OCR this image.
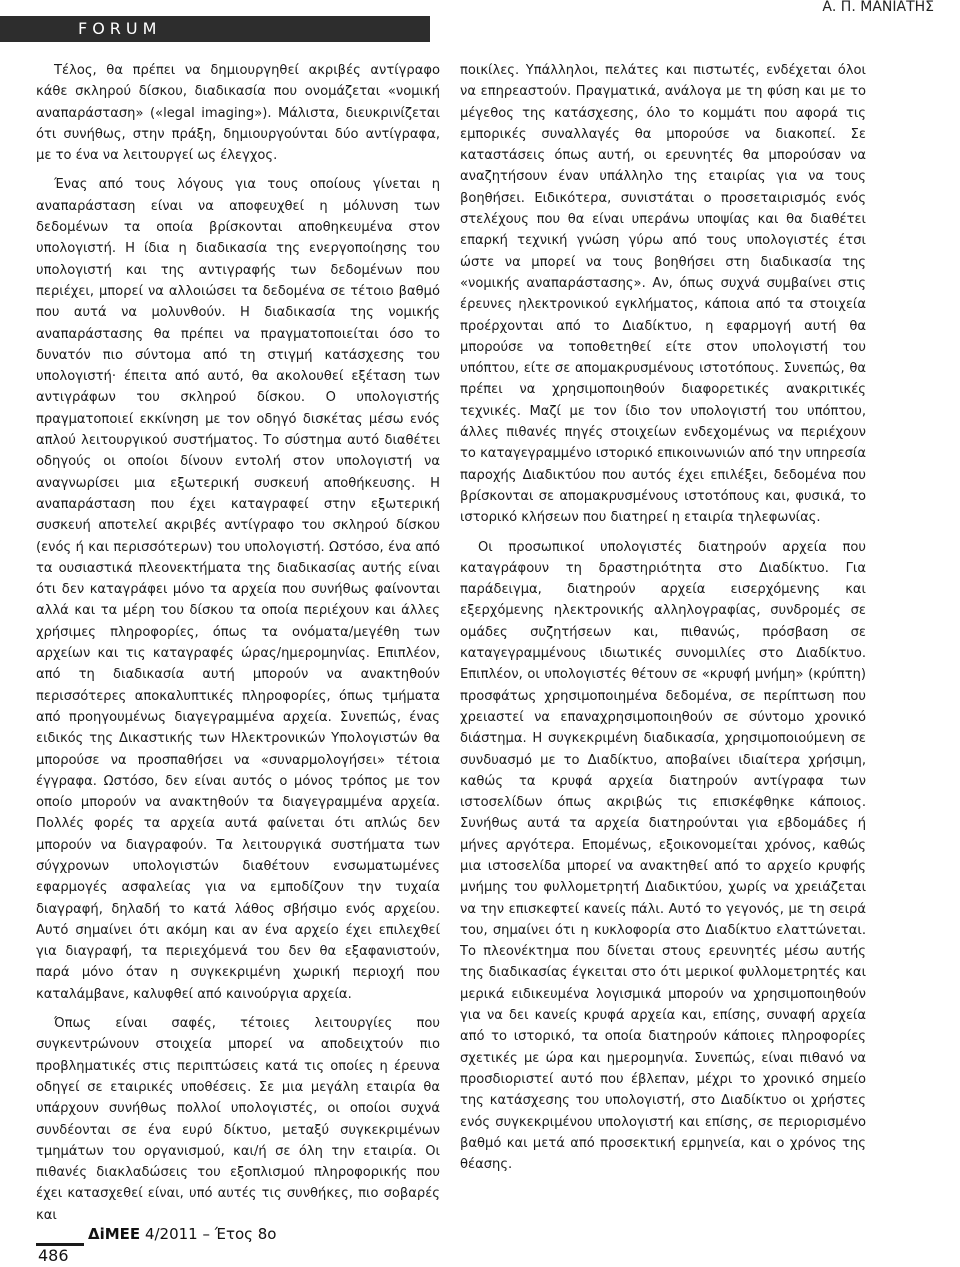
FORUM
Α. Π. ΜΑΝΙΑΤΗΣ

Τέλος, θα πρέπει να δημιουργηθεί ακριβές αντίγραφο κάθε σκληρού δίσκου, διαδικασία που ονομάζεται «νομική αναπαράσταση» («legal imaging»). Μάλιστα, διευκρινίζεται ότι συνήθως, στην πράξη, δημιουργούνται δύο αντίγραφα, με το ένα να λειτουργεί ως έλεγχος.

Ένας από τους λόγους για τους οποίους γίνεται η αναπαράσταση είναι να αποφευχθεί η μόλυνση των δεδομένων τα οποία βρίσκονται αποθηκευμένα στον υπολογιστή. Η ίδια η διαδικασία της ενεργοποίησης του υπολογιστή και της αντιγραφής των δεδομένων που περιέχει, μπορεί να αλλοιώσει τα δεδομένα σε τέτοιο βαθμό που αυτά να μολυνθούν. Η διαδικασία της νομικής αναπαράστασης θα πρέπει να πραγματοποιείται όσο το δυνατόν πιο σύντομα από τη στιγμή κατάσχεσης του υπολογιστή· έπειτα από αυτό, θα ακολουθεί εξέταση των αντιγράφων του σκληρού δίσκου. Ο υπολογιστής πραγματοποιεί εκκίνηση με τον οδηγό δισκέτας μέσω ενός απλού λειτουργικού συστήματος. Το σύστημα αυτό διαθέτει οδηγούς οι οποίοι δίνουν εντολή στον υπολογιστή να αναγνωρίσει μια εξωτερική συσκευή αποθήκευσης. Η αναπαράσταση που έχει καταγραφεί στην εξωτερική συσκευή αποτελεί ακριβές αντίγραφο του σκληρού δίσκου (ενός ή και περισσότερων) του υπολογιστή. Ωστόσο, ένα από τα ουσιαστικά πλεονεκτήματα της διαδικασίας αυτής είναι ότι δεν καταγράφει μόνο τα αρχεία που συνήθως φαίνονται αλλά και τα μέρη του δίσκου τα οποία περιέχουν και άλλες χρήσιμες πληροφορίες, όπως τα ονόματα/μεγέθη των αρχείων και τις καταγραφές ώρας/ημερομηνίας. Επιπλέον, από τη διαδικασία αυτή μπορούν να ανακτηθούν περισσότερες αποκαλυπτικές πληροφορίες, όπως τμήματα από προηγουμένως διαγεγραμμένα αρχεία. Συνεπώς, ένας ειδικός της Δικαστικής των Ηλεκτρονικών Υπολογιστών θα μπορούσε να προσπαθήσει να «συναρμολογήσει» τέτοια έγγραφα. Ωστόσο, δεν είναι αυτός ο μόνος τρόπος με τον οποίο μπορούν να ανακτηθούν τα διαγεγραμμένα αρχεία. Πολλές φορές τα αρχεία αυτά φαίνεται ότι απλώς δεν μπορούν να διαγραφούν. Τα λειτουργικά συστήματα των σύγχρονων υπολογιστών διαθέτουν ενσωματωμένες εφαρμογές ασφαλείας για να εμποδίζουν την τυχαία διαγραφή, δηλαδή το κατά λάθος σβήσιμο ενός αρχείου. Αυτό σημαίνει ότι ακόμη και αν ένα αρχείο έχει επιλεχθεί για διαγραφή, τα περιεχόμενά του δεν θα εξαφανιστούν, παρά μόνο όταν η συγκεκριμένη χωρική περιοχή που καταλάμβανε, καλυφθεί από καινούργια αρχεία.

Όπως είναι σαφές, τέτοιες λειτουργίες που συγκεντρώνουν στοιχεία μπορεί να αποδειχτούν πιο προβληματικές στις περιπτώσεις κατά τις οποίες η έρευνα οδηγεί σε εταιρικές υποθέσεις. Σε μια μεγάλη εταιρία θα υπάρχουν συνήθως πολλοί υπολογιστές, οι οποίοι συχνά συνδέονται σε ένα ευρύ δίκτυο, μεταξύ συγκεκριμένων τμημάτων του οργανισμού, και/ή σε όλη την εταιρία. Οι πιθανές διακλαδώσεις του εξοπλισμού πληροφορικής που έχει κατασχεθεί είναι, υπό αυτές τις συνθήκες, πιο σοβαρές και

ποικίλες. Υπάλληλοι, πελάτες και πιστωτές, ενδέχεται όλοι να επηρεαστούν. Πραγματικά, ανάλογα με τη φύση και με το μέγεθος της κατάσχεσης, όλο το κομμάτι που αφορά τις εμπορικές συναλλαγές θα μπορούσε να διακοπεί. Σε καταστάσεις όπως αυτή, οι ερευνητές θα μπορούσαν να αναζητήσουν έναν υπάλληλο της εταιρίας για να τους βοηθήσει. Ειδικότερα, συνιστάται ο προσεταιρισμός ενός στελέχους που θα είναι υπεράνω υποψίας και θα διαθέτει επαρκή τεχνική γνώση γύρω από τους υπολογιστές έτσι ώστε να μπορεί να τους βοηθήσει στη διαδικασία της «νομικής αναπαράστασης». Αν, όπως συχνά συμβαίνει στις έρευνες ηλεκτρονικού εγκλήματος, κάποια από τα στοιχεία προέρχονται από το Διαδίκτυο, η εφαρμογή αυτή θα μπορούσε να τοποθετηθεί είτε στον υπολογιστή του υπόπτου, είτε σε απομακρυσμένους ιστοτόπους. Συνεπώς, θα πρέπει να χρησιμοποιηθούν διαφορετικές ανακριτικές τεχνικές. Μαζί με τον ίδιο τον υπολογιστή του υπόπτου, άλλες πιθανές πηγές στοιχείων ενδεχομένως να περιέχουν το καταγεγραμμένο ιστορικό επικοινωνιών από την υπηρεσία παροχής Διαδικτύου που αυτός έχει επιλέξει, δεδομένα που βρίσκονται σε απομακρυσμένους ιστοτόπους και, φυσικά, το ιστορικό κλήσεων που διατηρεί η εταιρία τηλεφωνίας.

Οι προσωπικοί υπολογιστές διατηρούν αρχεία που καταγράφουν τη δραστηριότητα στο Διαδίκτυο. Για παράδειγμα, διατηρούν αρχεία εισερχόμενης και εξερχόμενης ηλεκτρονικής αλληλογραφίας, συνδρομές σε ομάδες συζητήσεων και, πιθανώς, πρόσβαση σε καταγεγραμμένους ιδιωτικές συνομιλίες στο Διαδίκτυο. Επιπλέον, οι υπολογιστές θέτουν σε «κρυφή μνήμη» (κρύπτη) προσφάτως χρησιμοποιημένα δεδομένα, σε περίπτωση που χρειαστεί να επαναχρησιμοποιηθούν σε σύντομο χρονικό διάστημα. Η συγκεκριμένη διαδικασία, χρησιμοποιούμενη σε συνδυασμό με το Διαδίκτυο, αποβαίνει ιδιαίτερα χρήσιμη, καθώς τα κρυφά αρχεία διατηρούν αντίγραφα των ιστοσελίδων όπως ακριβώς τις επισκέφθηκε κάποιος. Συνήθως αυτά τα αρχεία διατηρούνται για εβδομάδες ή μήνες αργότερα. Επομένως, εξοικονομείται χρόνος, καθώς μια ιστοσελίδα μπορεί να ανακτηθεί από το αρχείο κρυφής μνήμης του φυλλομετρητή Διαδικτύου, χωρίς να χρειάζεται να την επισκεφτεί κανείς πάλι. Αυτό το γεγονός, με τη σειρά του, σημαίνει ότι η κυκλοφορία στο Διαδίκτυο ελαττώνεται. Το πλεονέκτημα που δίνεται στους ερευνητές μέσω αυτής της διαδικασίας έγκειται στο ότι μερικοί φυλλομετρητές και μερικά ειδικευμένα λογισμικά μπορούν να χρησιμοποιηθούν για να δει κανείς κρυφά αρχεία και, επίσης, συναφή αρχεία από το ιστορικό, τα οποία διατηρούν κάποιες πληροφορίες σχετικές με ώρα και ημερομηνία. Συνεπώς, είναι πιθανό να προσδιοριστεί αυτό που έβλεπαν, μέχρι το χρονικό σημείο της κατάσχεσης του υπολογιστή, στο Διαδίκτυο οι χρήστες ενός συγκεκριμένου υπολογιστή και επίσης, σε περιορισμένο βαθμό και μετά από προσεκτική ερμηνεία, και ο χρόνος της θέασης.

486
ΔiΜΕΕ 4/2011 – Έτος 8ο
